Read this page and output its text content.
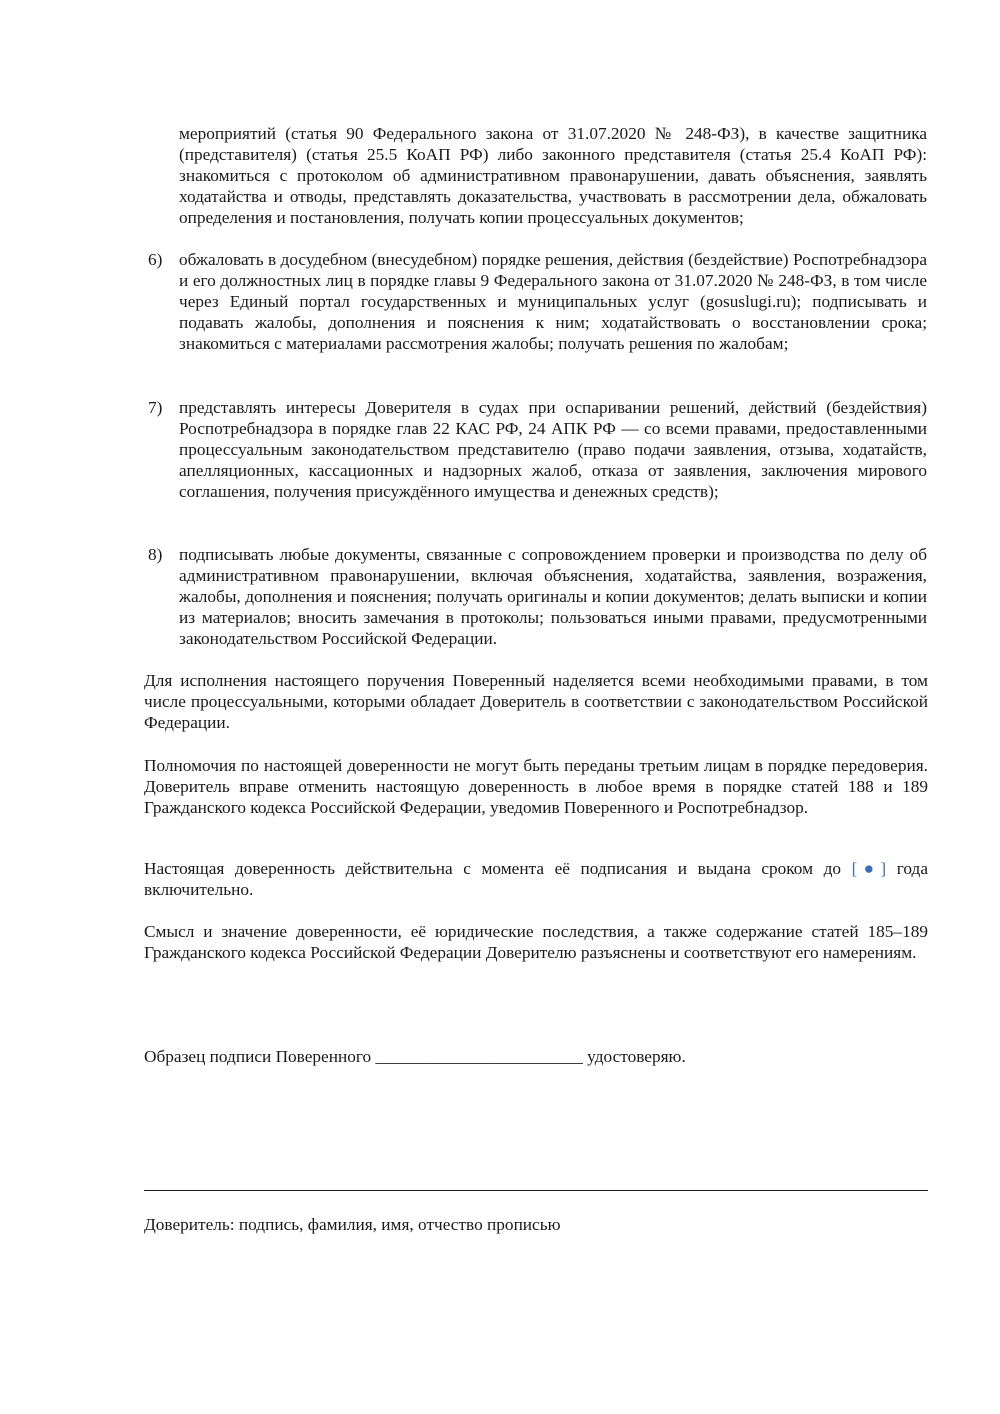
мероприятий (статья 90 Федерального закона от 31.07.2020 № 248-ФЗ), в качестве защитника (представителя) (статья 25.5 КоАП РФ) либо законного представителя (статья 25.4 КоАП РФ): знакомиться с протоколом об административном правонарушении, давать объяснения, заявлять ходатайства и отводы, представлять доказательства, участвовать в рассмотрении дела, обжаловать определения и постановления, получать копии процессуальных документов;
6) обжаловать в досудебном (внесудебном) порядке решения, действия (бездействие) Роспотребнадзора и его должностных лиц в порядке главы 9 Федерального закона от 31.07.2020 № 248-ФЗ, в том числе через Единый портал государственных и муниципальных услуг (gosuslugi.ru); подписывать и подавать жалобы, дополнения и пояснения к ним; ходатайствовать о восстановлении срока; знакомиться с материалами рассмотрения жалобы; получать решения по жалобам;
7) представлять интересы Доверителя в судах при оспаривании решений, действий (бездействия) Роспотребнадзора в порядке глав 22 КАС РФ, 24 АПК РФ — со всеми правами, предоставленными процессуальным законодательством представителю (право подачи заявления, отзыва, ходатайств, апелляционных, кассационных и надзорных жалоб, отказа от заявления, заключения мирового соглашения, получения присуждённого имущества и денежных средств);
8) подписывать любые документы, связанные с сопровождением проверки и производства по делу об административном правонарушении, включая объяснения, ходатайства, заявления, возражения, жалобы, дополнения и пояснения; получать оригиналы и копии документов; делать выписки и копии из материалов; вносить замечания в протоколы; пользоваться иными правами, предусмотренными законодательством Российской Федерации.
Для исполнения настоящего поручения Поверенный наделяется всеми необходимыми правами, в том числе процессуальными, которыми обладает Доверитель в соответствии с законодательством Российской Федерации.
Полномочия по настоящей доверенности не могут быть переданы третьим лицам в порядке передоверия. Доверитель вправе отменить настоящую доверенность в любое время в порядке статей 188 и 189 Гражданского кодекса Российской Федерации, уведомив Поверенного и Роспотребнадзор.
Настоящая доверенность действительна с момента её подписания и выдана сроком до [●] года включительно.
Смысл и значение доверенности, её юридические последствия, а также содержание статей 185–189 Гражданского кодекса Российской Федерации Доверителю разъяснены и соответствуют его намерениям.
Образец подписи Поверенного ________________________ удостоверяю.
Доверитель: подпись, фамилия, имя, отчество прописью
